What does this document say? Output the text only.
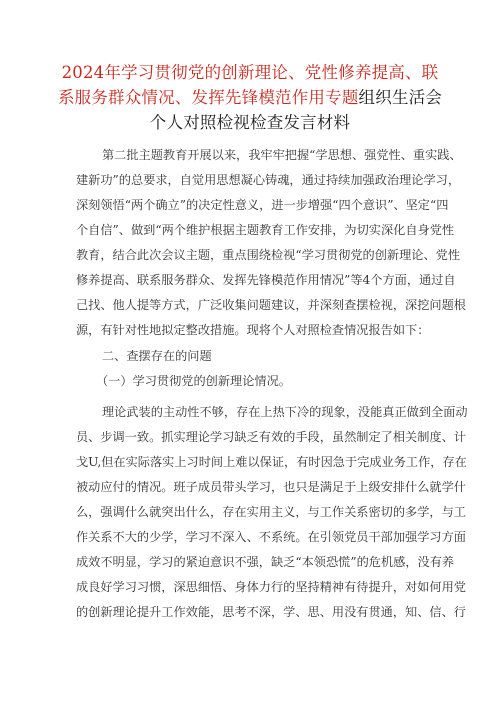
2024年学习贯彻党的创新理论、党性修养提高、联
系服务群众情况、发挥先锋模范作用专题组织生活会
个人对照检视检查发言材料
第二批主题教育开展以来，我牢牢把握“学思想、强党性、重实践、
建新功”的总要求，自觉用思想凝心铸魂，通过持续加强政治理论学习，
深刻领悟“两个确立”的决定性意义，进一步增强“四个意识”、坚定“四
个自信”、做到“两个维护根据主题教育工作安排，为切实深化自身党性
教育，结合此次会议主题，重点围绕检视“学习贯彻党的创新理论、党性
修养提高、联系服务群众、发挥先锋模范作用情况”等4个方面，通过自
己找、他人提等方式，广泛收集问题建议，并深刻查摆检视，深挖问题根
源，有针对性地拟定整改措施。现将个人对照检查情况报告如下：
二、查摆存在的问题
（一）学习贯彻党的创新理论情况。
理论武装的主动性不够，存在上热下冷的现象，没能真正做到全面动
员、步调一致。抓实理论学习缺乏有效的手段，虽然制定了相关制度、计
戈U,但在实际落实上习时间上难以保证，有时因急于完成业务工作，存在
被动应付的情况。班子成员带头学习，也只是满足于上级安排什么就学什
么，强调什么就突出什么，存在实用主义，与工作关系密切的多学，与工
作关系不大的少学，学习不深入、不系统。在引领党员干部加强学习方面
成效不明显，学习的紧迫意识不强，缺乏“本领恐慌”的危机感，没有养
成良好学习习惯，深思细悟、身体力行的坚持精神有待提升，对如何用党
的创新理论提升工作效能，思考不深，学、思、用没有贯通，知、信、行
